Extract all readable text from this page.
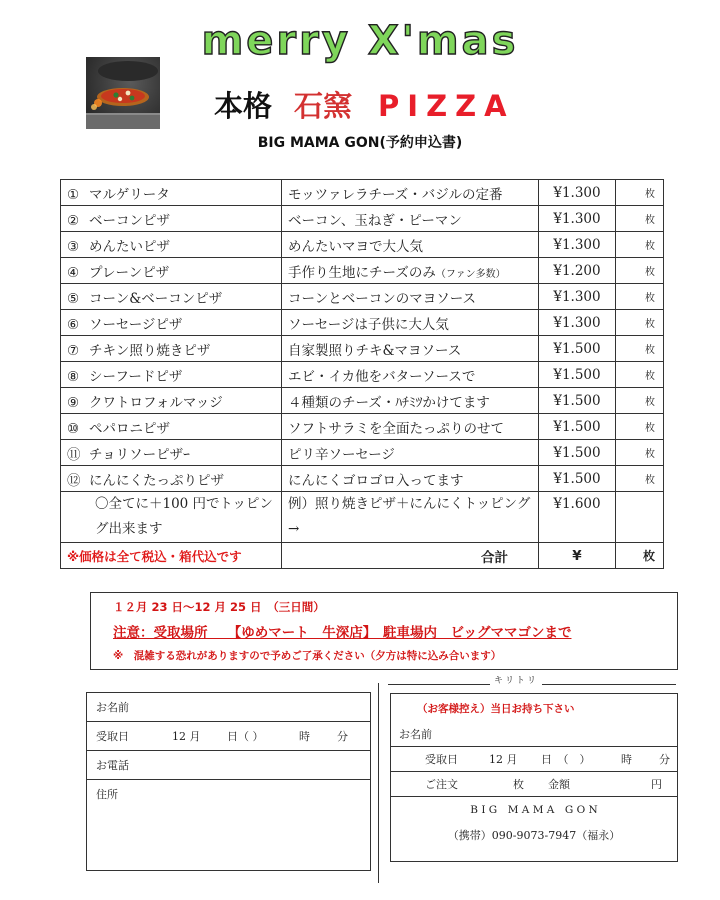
merry X'mas
本格 石窯 PIZZA
BIG MAMA GON(予約申込書)
① マルゲリータ	モッツァレラチーズ・バジルの定番	¥1.300	枚
② ベーコンピザ	ベーコン、玉ねぎ・ピーマン	¥1.300	枚
③ めんたいピザ	めんたいマヨで大人気	¥1.300	枚
④ プレーンピザ	手作り生地にチーズのみ（ファン多数）	¥1.200	枚
⑤ コーン&ベーコンピザ	コーンとベーコンのマヨソース	¥1.300	枚
⑥ ソーセージピザ	ソーセージは子供に大人気	¥1.300	枚
⑦ チキン照り焼きピザ	自家製照りチキ&マヨソース	¥1.500	枚
⑧ シーフードピザ	エビ・イカ他をバターソースで	¥1.500	枚
⑨ クワトロフォルマッジ	４種類のチーズ・ﾊﾁﾐﾂかけてます	¥1.500	枚
⑩ ペパロニピザ	ソフトサラミを全面たっぷりのせて	¥1.500	枚
⑪ チョリソーピザｰ	ピリ辛ソーセージ	¥1.500	枚
⑫ にんにくたっぷりピザ	にんにくゴロゴロ入ってます	¥1.500	枚
〇全てに＋100 円でトッピング出来ます	例）照り焼きピザ＋にんにくトッピング→	¥1.600	
※価格は全て税込・箱代込です	合計	¥	枚
１２月 23 日～12 月 25 日　（三日間）
注意：受取場所　　【ゆめマート　牛深店】　駐車場内　ビッグママゴンまで
※　混雑する恐れがありますので予めご了承ください（夕方は特に込み合います）
キリトリ
お名前
受取日	12 月 日（ ）	時 分
お電話
住所
（お客様控え）当日お持ち下さい
お名前
受取日	12 月 日　（　）	時 分
ご注文	枚 金額	円
B I G　M A M A　G O N
（携帯）090-9073-7947（福永）
